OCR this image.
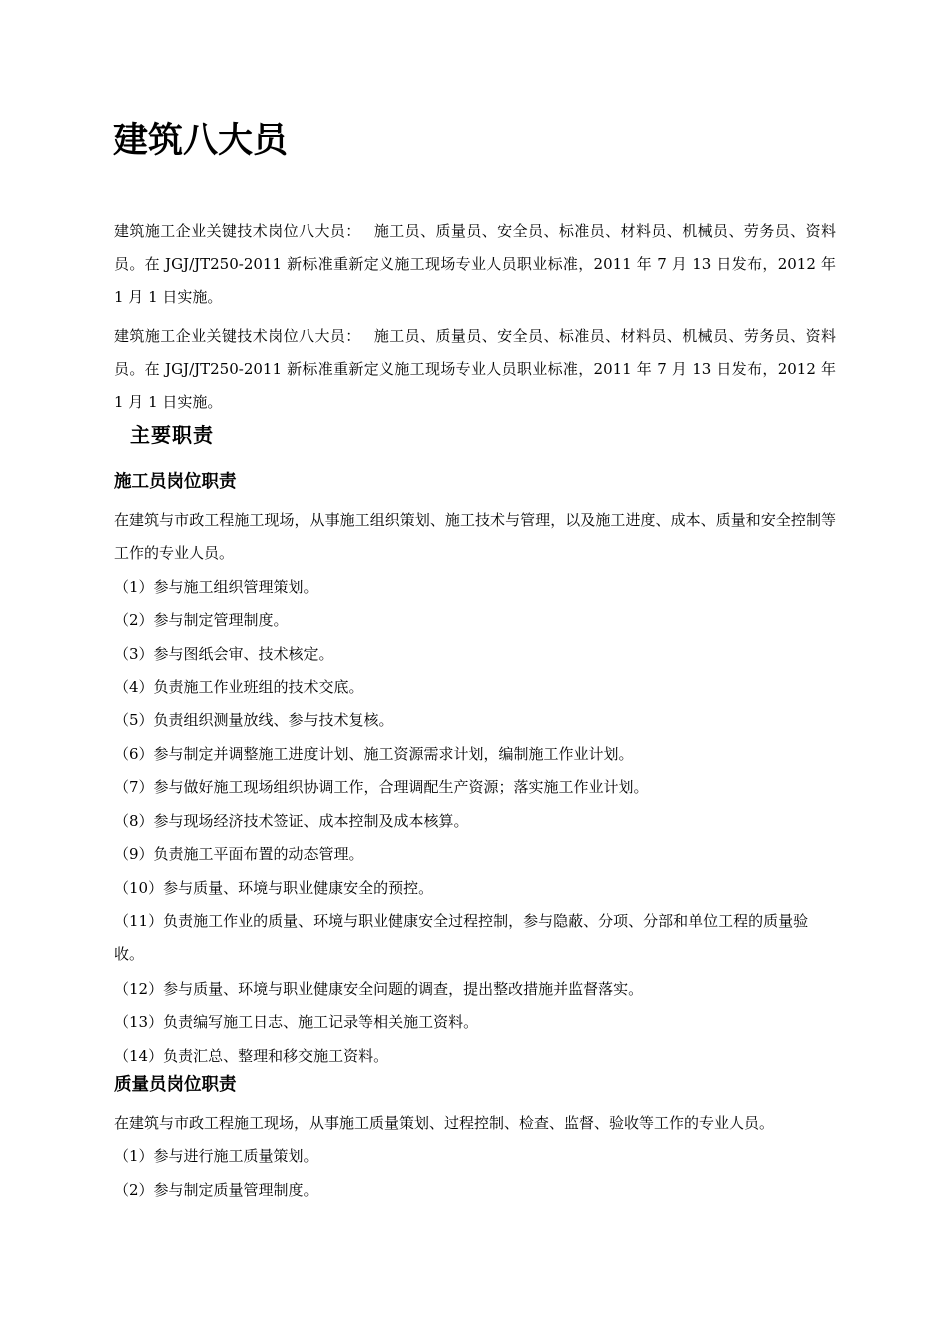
建筑八大员

建筑施工企业关键技术岗位八大员：　 施工员、质量员、安全员、标准员、材料员、机械员、劳务员、资料员。在 JGJ/JT250-2011 新标准重新定义施工现场专业人员职业标准，2011 年 7 月 13 日发布，2012 年 1 月 1 日实施。

建筑施工企业关键技术岗位八大员：　 施工员、质量员、安全员、标准员、材料员、机械员、劳务员、资料员。在 JGJ/JT250-2011 新标准重新定义施工现场专业人员职业标准，2011 年 7 月 13 日发布，2012 年 1 月 1 日实施。

主要职责
施工员岗位职责

在建筑与市政工程施工现场，从事施工组织策划、施工技术与管理，以及施工进度、成本、质量和安全控制等工作的专业人员。

（1）参与施工组织管理策划。

（2）参与制定管理制度。

（3）参与图纸会审、技术核定。

（4）负责施工作业班组的技术交底。

（5）负责组织测量放线、参与技术复核。

（6）参与制定并调整施工进度计划、施工资源需求计划，编制施工作业计划。

（7）参与做好施工现场组织协调工作，合理调配生产资源；落实施工作业计划。

（8）参与现场经济技术签证、成本控制及成本核算。

（9）负责施工平面布置的动态管理。

（10）参与质量、环境与职业健康安全的预控。

（11）负责施工作业的质量、环境与职业健康安全过程控制，参与隐蔽、分项、分部和单位工程的质量验收。

（12）参与质量、环境与职业健康安全问题的调查，提出整改措施并监督落实。

（13）负责编写施工日志、施工记录等相关施工资料。

（14）负责汇总、整理和移交施工资料。

质量员岗位职责

在建筑与市政工程施工现场，从事施工质量策划、过程控制、检查、监督、验收等工作的专业人员。

（1）参与进行施工质量策划。

（2）参与制定质量管理制度。
